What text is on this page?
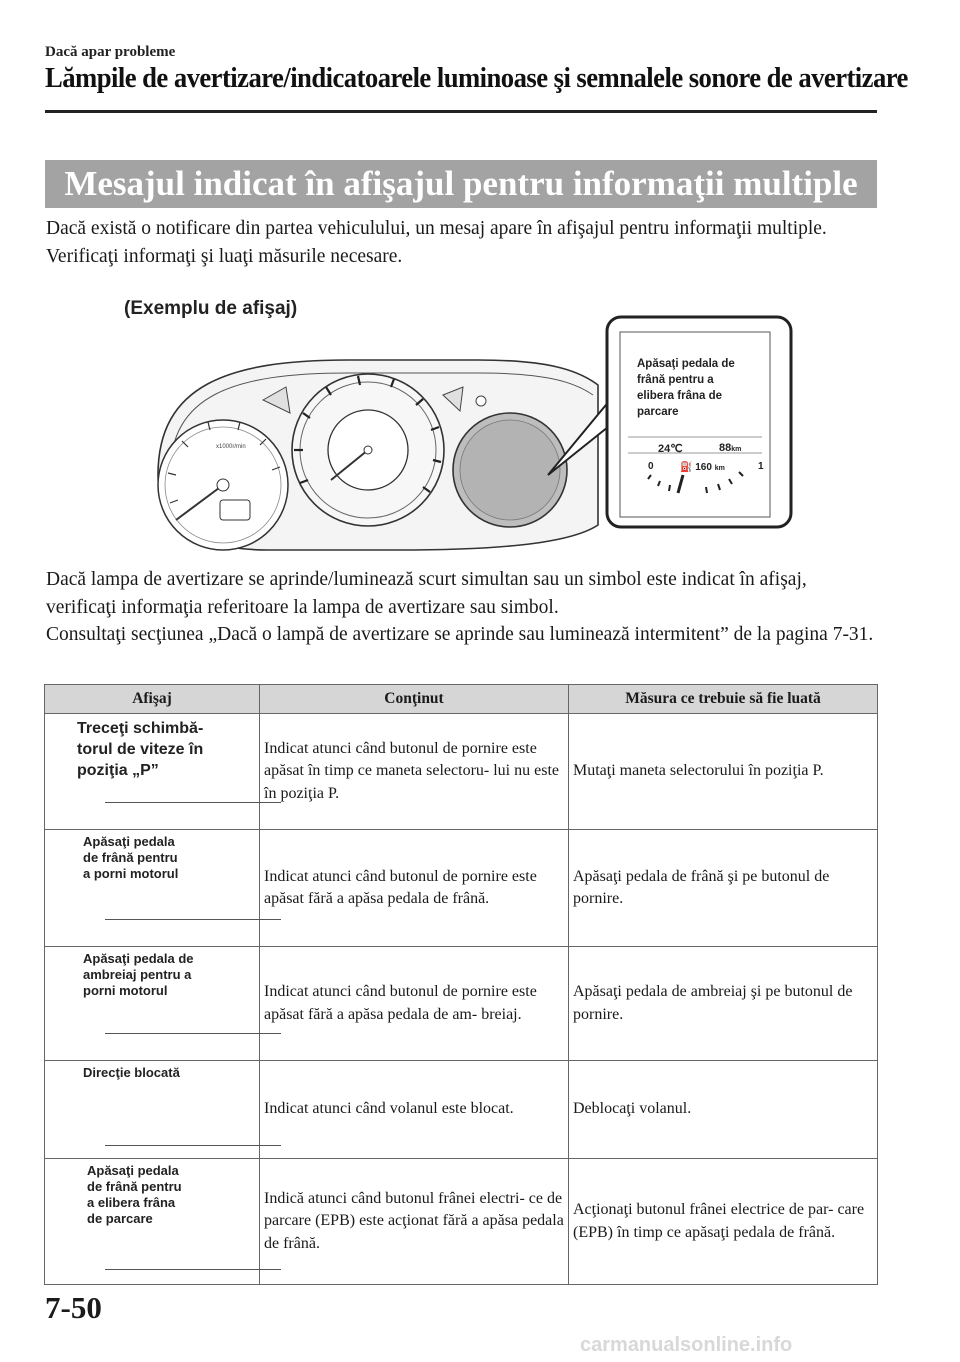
Dacă apar probleme
Lămpile de avertizare/indicatoarele luminoase şi semnalele sonore de avertizare
Mesajul indicat în afişajul pentru informaţii multiple
Dacă există o notificare din partea vehiculului, un mesaj apare în afişajul pentru informaţii multiple. Verificaţi informaţi şi luaţi măsurile necesare.
(Exemplu de afişaj)
x1000r/min
Apăsaţi pedala de
frână pentru a
elibera frâna de
parcare
24℃	88km
0	1
⛽ 160 km
Dacă lampa de avertizare se aprinde/luminează scurt simultan sau un simbol este indicat în afişaj, verificaţi informaţia referitoare la lampa de avertizare sau simbol.
Consultaţi secţiunea „Dacă o lampă de avertizare se aprinde sau luminează intermitent” de la pagina 7-31.
Afişaj	Conţinut	Măsura ce trebuie să fie luată

Treceţi schimbă-
torul de viteze în
poziţia „P”	Indicat atunci când butonul de pornire este apăsat în timp ce maneta selectoru- lui nu este în poziţia P.	Mutaţi maneta selectorului în poziţia P.

Apăsaţi pedala
de frână pentru
a porni motorul	Indicat atunci când butonul de pornire este apăsat fără a apăsa pedala de frână.	Apăsaţi pedala de frână şi pe butonul de pornire.

Apăsaţi pedala de
ambreiaj pentru a
porni motorul	Indicat atunci când butonul de pornire este apăsat fără a apăsa pedala de am- breiaj.	Apăsaţi pedala de ambreiaj şi pe butonul de pornire.

Direcţie blocată	Indicat atunci când volanul este blocat.	Deblocaţi volanul.

Apăsaţi pedala
de frână pentru
a elibera frâna
de parcare	Indică atunci când butonul frânei electri- ce de parcare (EPB) este acţionat fără a apăsa pedala de frână.	Acţionaţi butonul frânei electrice de par- care (EPB) în timp ce apăsaţi pedala de frână.
7-50
carmanualsonline.info
